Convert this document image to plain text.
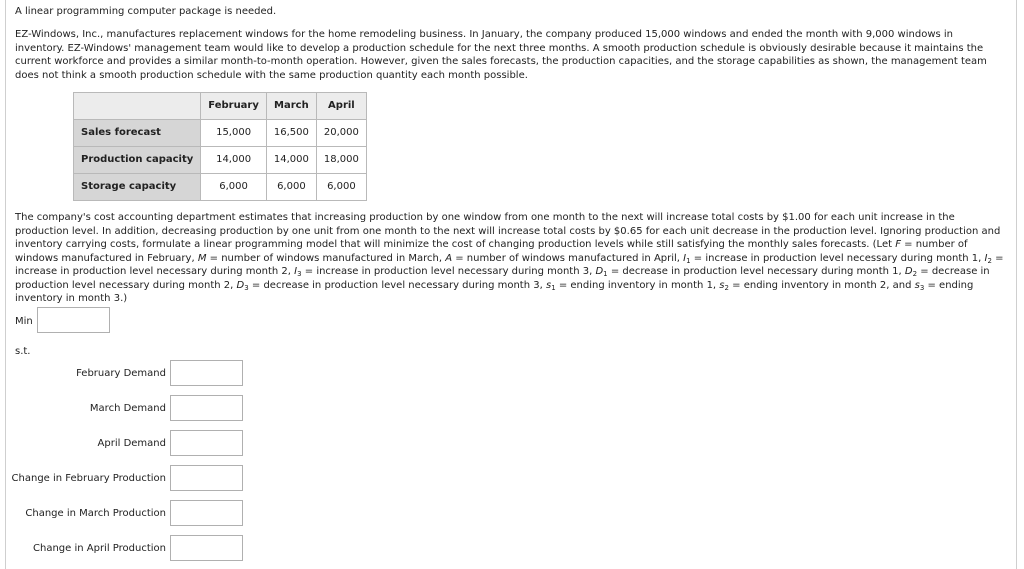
A linear programming computer package is needed.

EZ-Windows, Inc., manufactures replacement windows for the home remodeling business. In January, the company produced 15,000 windows and ended the month with 9,000 windows in inventory. EZ-Windows' management team would like to develop a production schedule for the next three months. A smooth production schedule is obviously desirable because it maintains the current workforce and provides a similar month-to-month operation. However, given the sales forecasts, the production capacities, and the storage capabilities as shown, the management team does not think a smooth production schedule with the same production quantity each month possible.

	February	March	April
Sales forecast	15,000	16,500	20,000
Production capacity	14,000	14,000	18,000
Storage capacity	6,000	6,000	6,000

The company's cost accounting department estimates that increasing production by one window from one month to the next will increase total costs by $1.00 for each unit increase in the production level. In addition, decreasing production by one unit from one month to the next will increase total costs by $0.65 for each unit decrease in the production level. Ignoring production and inventory carrying costs, formulate a linear programming model that will minimize the cost of changing production levels while still satisfying the monthly sales forecasts. (Let F = number of windows manufactured in February, M = number of windows manufactured in March, A = number of windows manufactured in April, $I_1$ = increase in production level necessary during month 1, $I_2$ = increase in production level necessary during month 2, $I_3$ = increase in production level necessary during month 3, $D_1$ = decrease in production level necessary during month 1, $D_2$ = decrease in production level necessary during month 2, $D_3$ = decrease in production level necessary during month 3, $s_1$ = ending inventory in month 1, $s_2$ = ending inventory in month 2, and $s_3$ = ending inventory in month 3.)

Min
s.t.
February Demand
March Demand
April Demand
Change in February Production
Change in March Production
Change in April Production
